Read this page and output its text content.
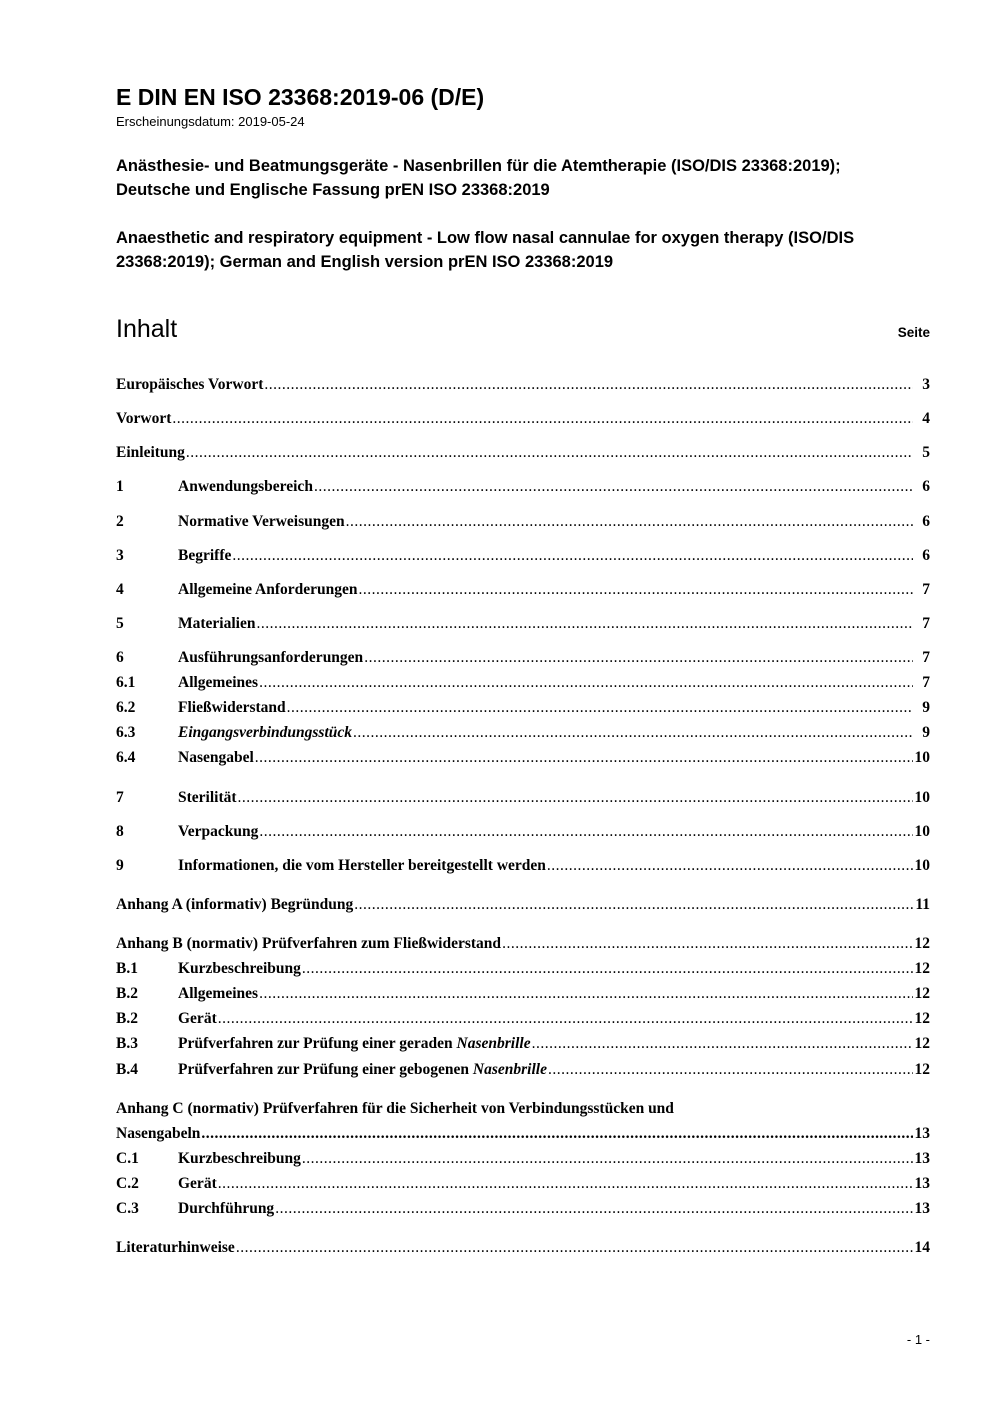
E DIN EN ISO 23368:2019-06 (D/E)
Erscheinungsdatum: 2019-05-24
Anästhesie- und Beatmungsgeräte - Nasenbrillen für die Atemtherapie (ISO/DIS 23368:2019); Deutsche und Englische Fassung prEN ISO 23368:2019
Anaesthetic and respiratory equipment - Low flow nasal cannulae for oxygen therapy (ISO/DIS 23368:2019); German and English version prEN ISO 23368:2019
Inhalt	Seite
Europäisches Vorwort .....	3
Vorwort .....	4
Einleitung .....	5
1	Anwendungsbereich .....	6
2	Normative Verweisungen .....	6
3	Begriffe .....	6
4	Allgemeine Anforderungen .....	7
5	Materialien .....	7
6	Ausführungsanforderungen .....	7
6.1	Allgemeines .....	7
6.2	Fließwiderstand .....	9
6.3	Eingangsverbindungsstück .....	9
6.4	Nasengabel .....	10
7	Sterilität .....	10
8	Verpackung .....	10
9	Informationen, die vom Hersteller bereitgestellt werden .....	10
Anhang A (informativ) Begründung .....	11
Anhang B (normativ) Prüfverfahren zum Fließwiderstand .....	12
B.1	Kurzbeschreibung .....	12
B.2	Allgemeines .....	12
B.2	Gerät .....	12
B.3	Prüfverfahren zur Prüfung einer geraden Nasenbrille .....	12
B.4	Prüfverfahren zur Prüfung einer gebogenen Nasenbrille .....	12
Anhang C (normativ) Prüfverfahren für die Sicherheit von Verbindungsstücken und
Nasengabeln .....	13
C.1	Kurzbeschreibung .....	13
C.2	Gerät .....	13
C.3	Durchführung .....	13
Literaturhinweise .....	14
- 1 -
